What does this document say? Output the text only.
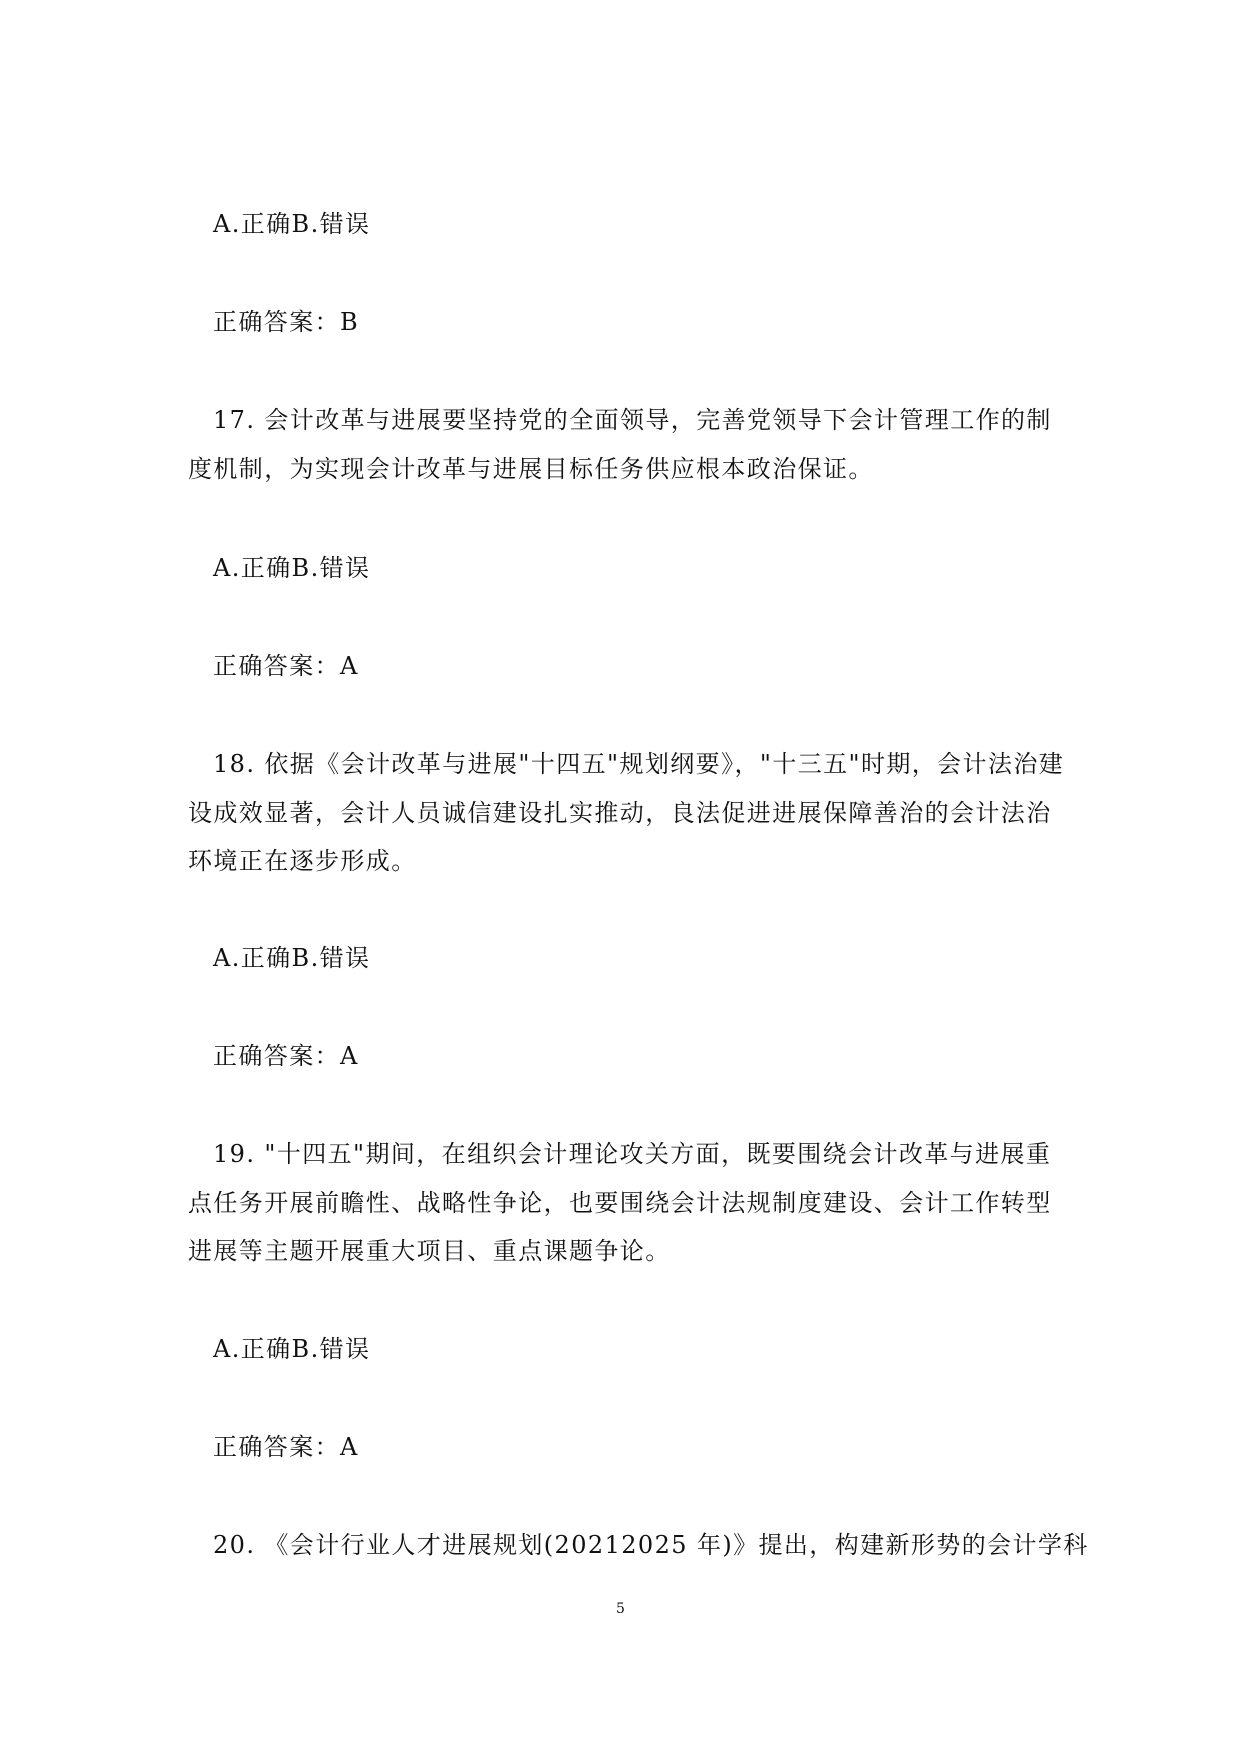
A.正确B.错误
正确答案：B
17. 会计改革与进展要坚持党的全面领导，完善党领导下会计管理工作的制
度机制，为实现会计改革与进展目标任务供应根本政治保证。
A.正确B.错误
正确答案：A
18. 依据《会计改革与进展"十四五"规划纲要》，"十三五"时期，会计法治建
设成效显著，会计人员诚信建设扎实推动，良法促进进展保障善治的会计法治
环境正在逐步形成。
A.正确B.错误
正确答案：A
19. "十四五"期间，在组织会计理论攻关方面，既要围绕会计改革与进展重
点任务开展前瞻性、战略性争论，也要围绕会计法规制度建设、会计工作转型
进展等主题开展重大项目、重点课题争论。
A.正确B.错误
正确答案：A
20. 《会计行业人才进展规划(20212025 年)》提出，构建新形势的会计学科
5
